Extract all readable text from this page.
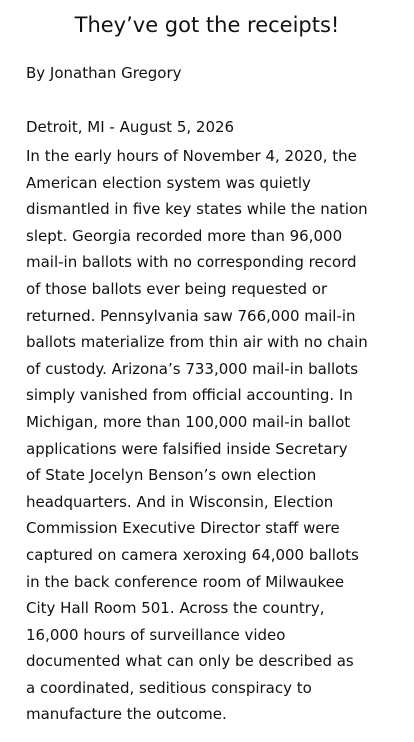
They’ve got the receipts!
By Jonathan Gregory
Detroit, MI - August 5, 2026
In the early hours of November 4, 2020, the
American election system was quietly
dismantled in five key states while the nation
slept. Georgia recorded more than 96,000
mail-in ballots with no corresponding record
of those ballots ever being requested or
returned. Pennsylvania saw 766,000 mail-in
ballots materialize from thin air with no chain
of custody. Arizona’s 733,000 mail-in ballots
simply vanished from official accounting. In
Michigan, more than 100,000 mail-in ballot
applications were falsified inside Secretary
of State Jocelyn Benson’s own election
headquarters. And in Wisconsin, Election
Commission Executive Director staff were
captured on camera xeroxing 64,000 ballots
in the back conference room of Milwaukee
City Hall Room 501. Across the country,
16,000 hours of surveillance video
documented what can only be described as
a coordinated, seditious conspiracy to
manufacture the outcome.
